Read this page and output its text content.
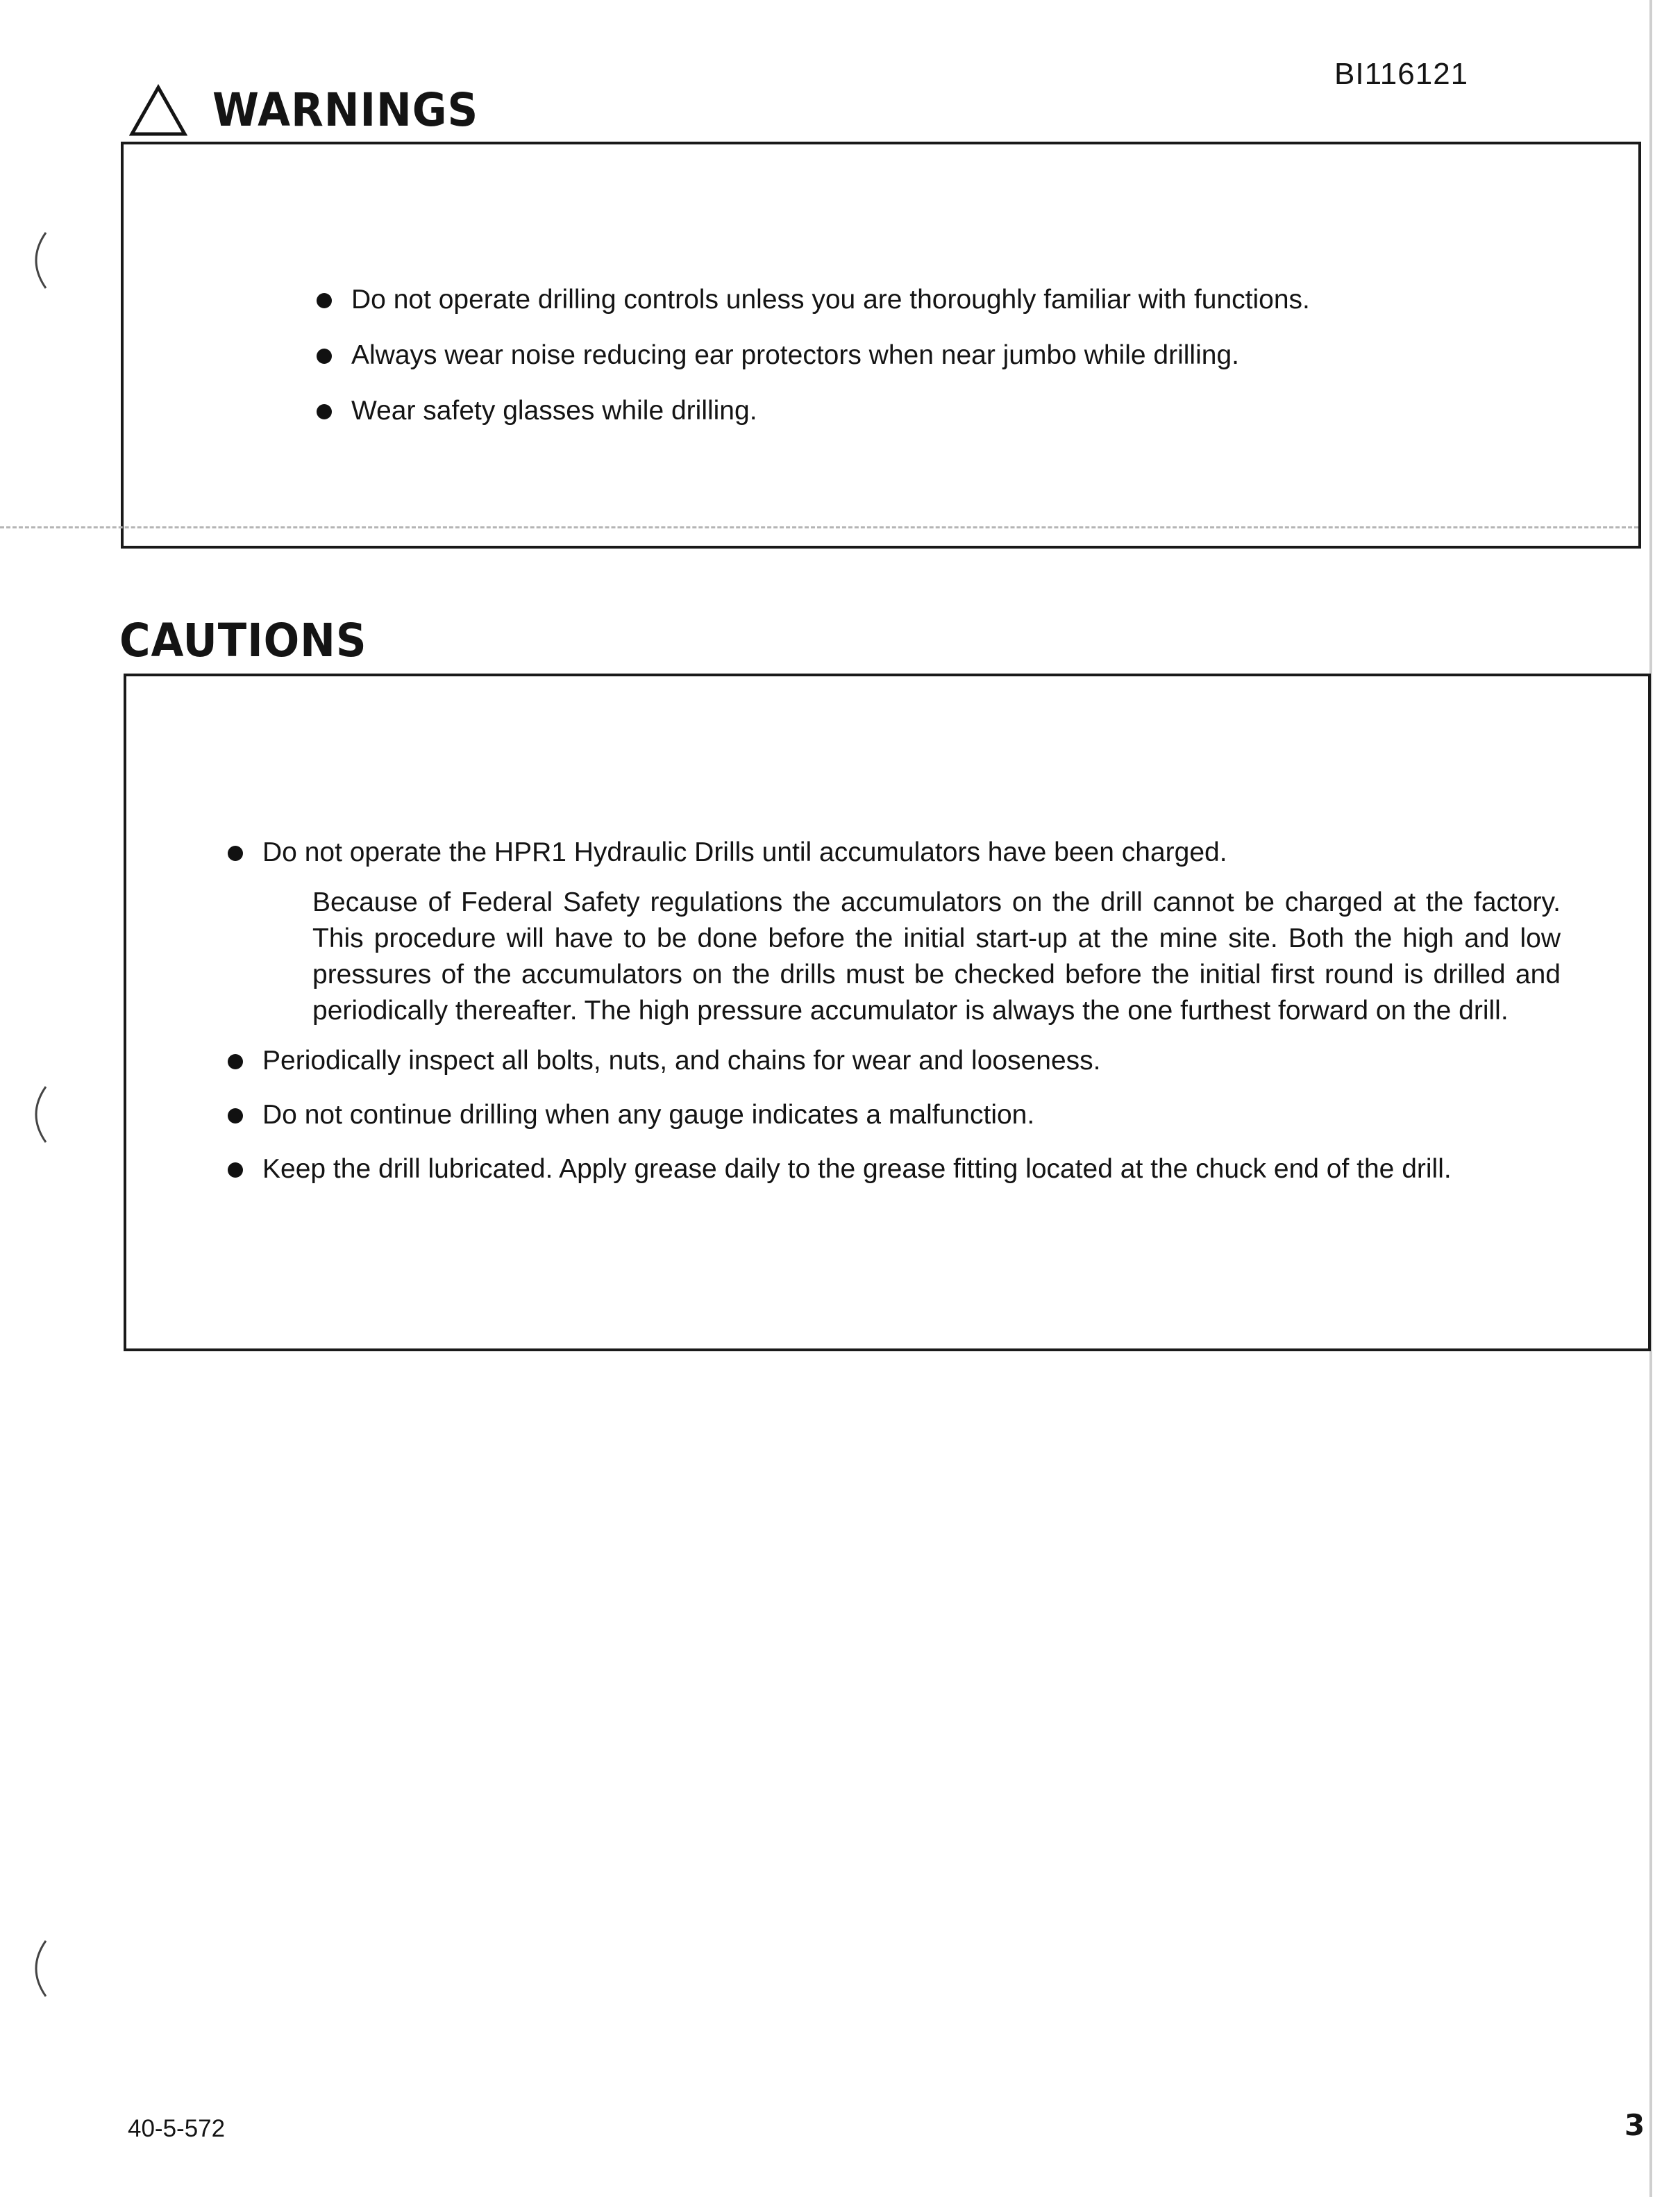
BI116121
WARNINGS
Do not operate drilling controls unless you are thoroughly familiar with functions.
Always wear noise reducing ear protectors when near jumbo while drilling.
Wear safety glasses while drilling.
CAUTIONS
Do not operate the HPR1 Hydraulic Drills until accumulators have been charged.
Because of Federal Safety regulations the accumulators on the drill cannot be charged at the factory. This procedure will have to be done before the initial start-up at the mine site. Both the high and low pressures of the accumulators on the drills must be checked before the initial first round is drilled and periodically thereafter. The high pressure accumulator is always the one furthest forward on the drill.
Periodically inspect all bolts, nuts, and chains for wear and looseness.
Do not continue drilling when any gauge indicates a malfunction.
Keep the drill lubricated. Apply grease daily to the grease fitting located at the chuck end of the drill.
40-5-572	3
